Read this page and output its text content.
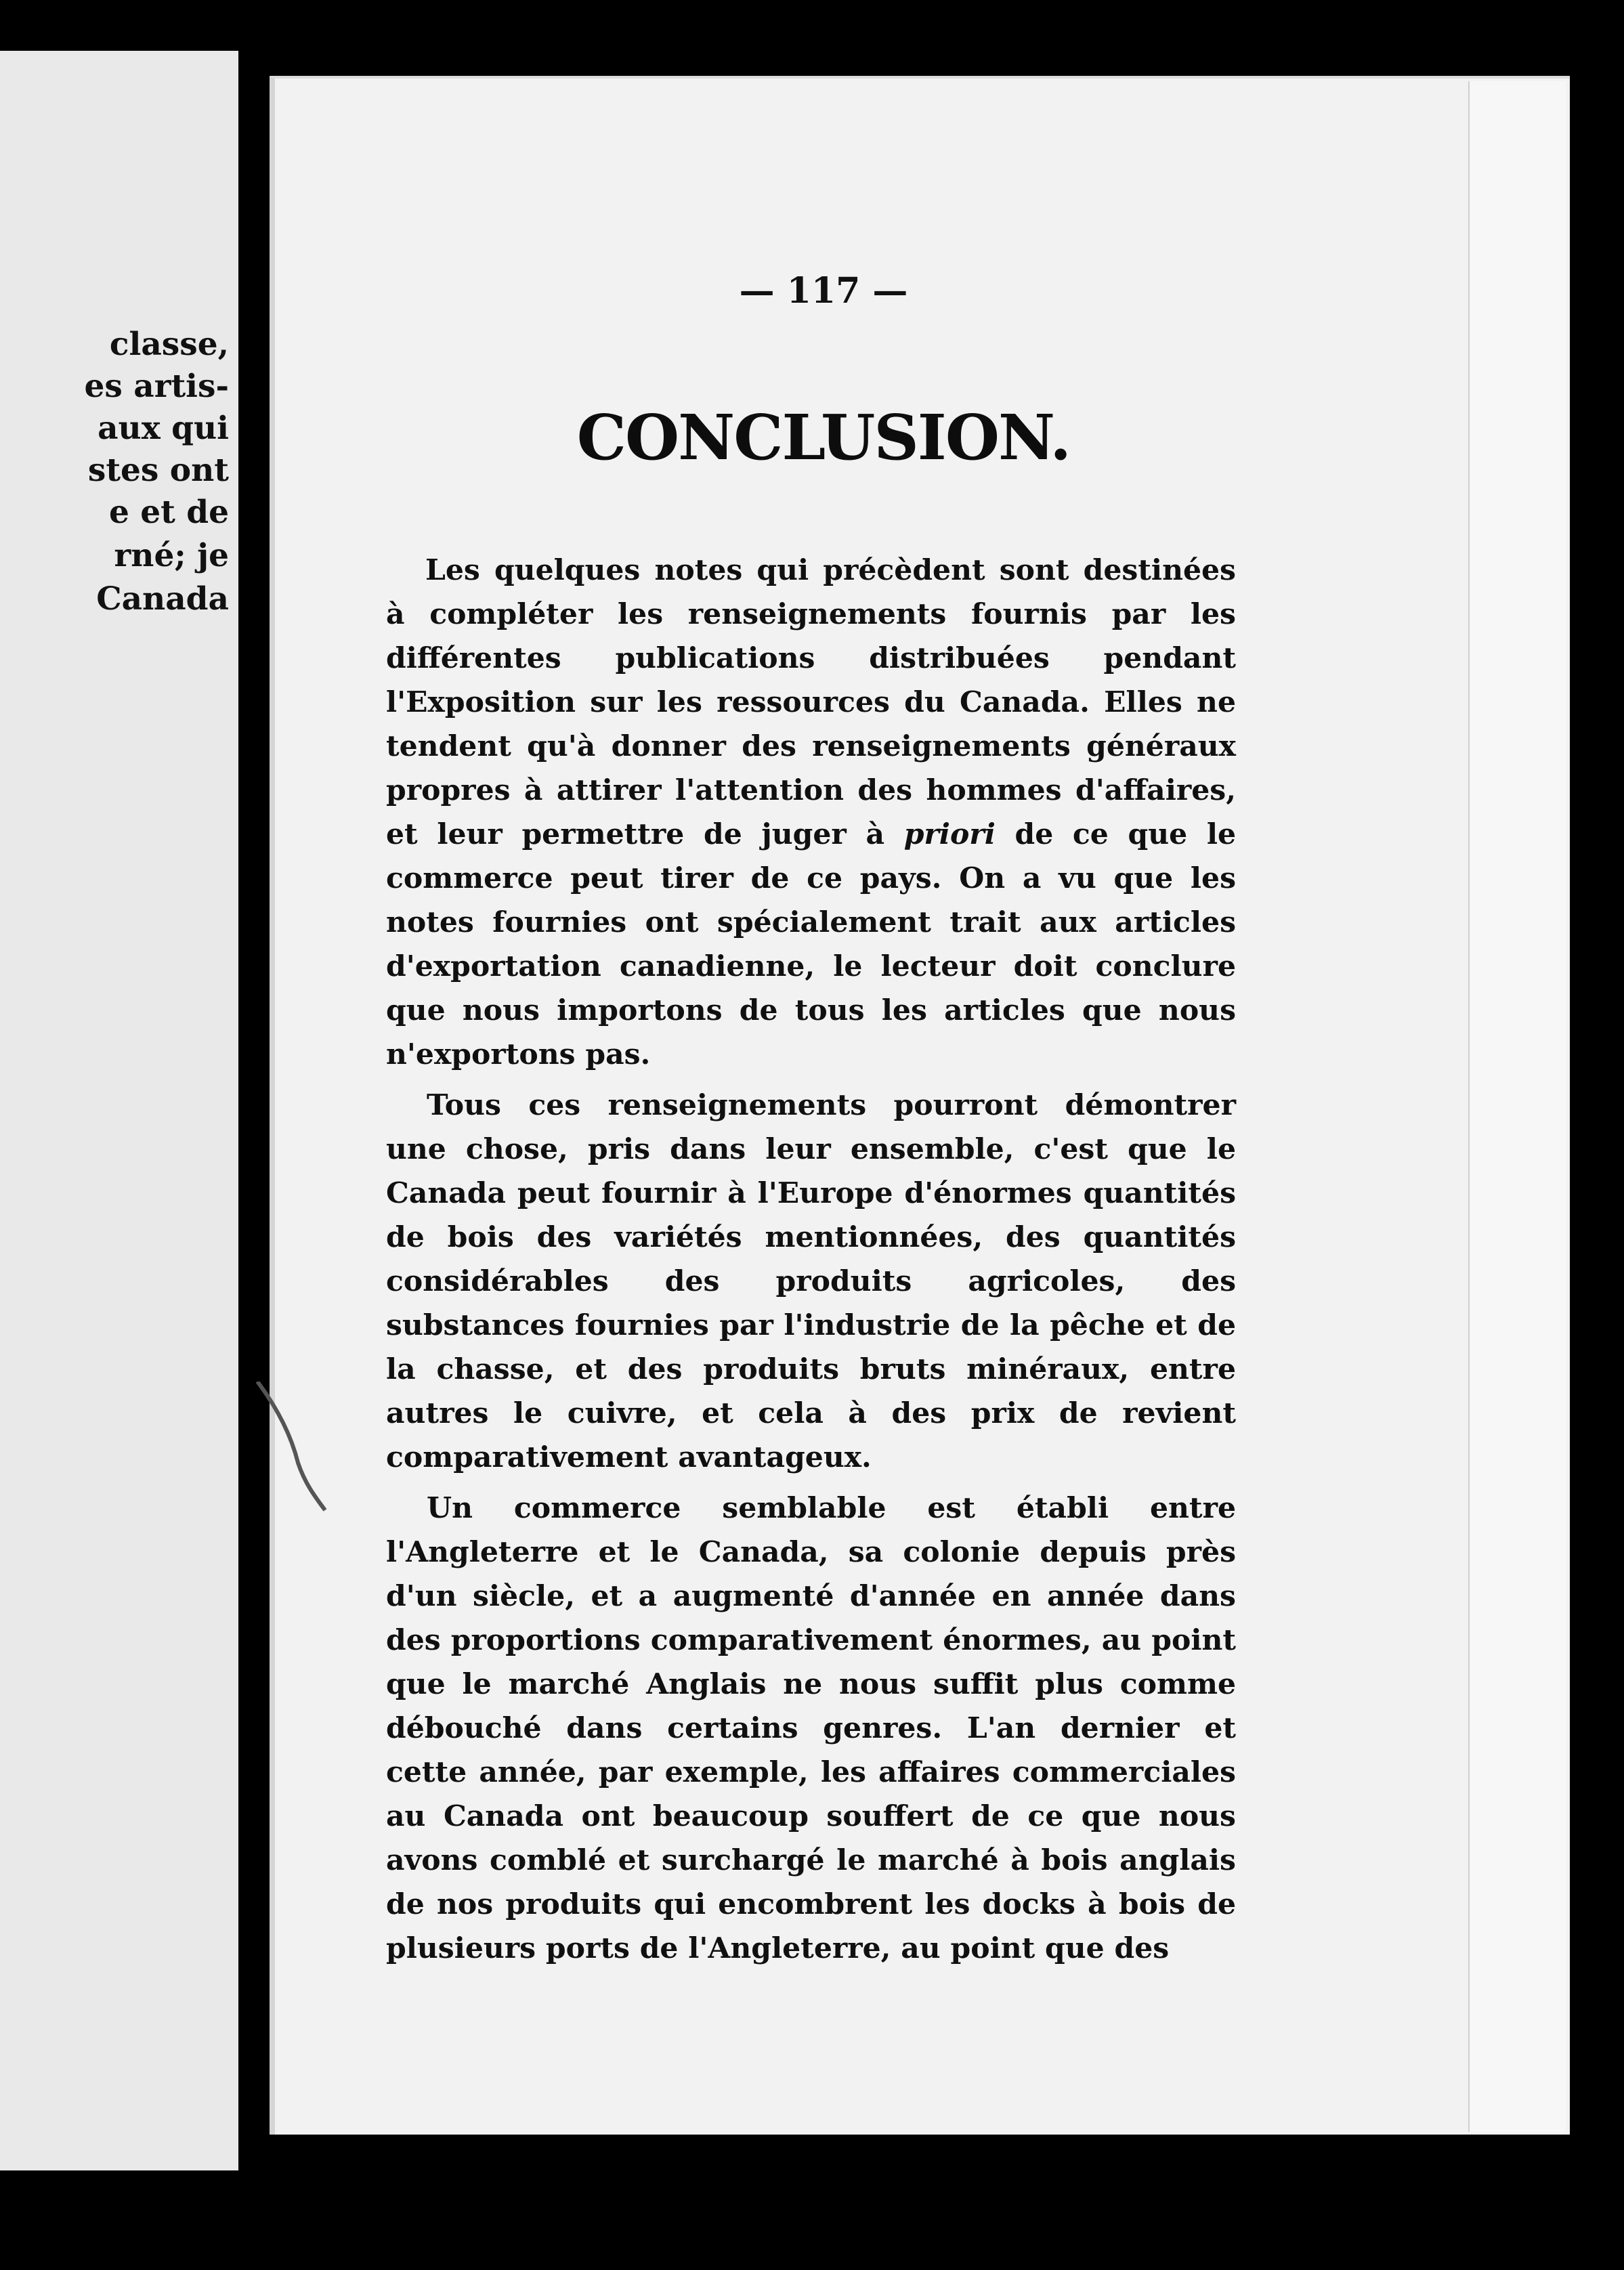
classe,
es artis-
aux qui
stes ont
e et de
rné; je
Canada
— 117 —
CONCLUSION.

Les quelques notes qui précèdent sont destinées à compléter les renseignements fournis par les différentes publications distribuées pendant l'Exposition sur les ressources du Canada. Elles ne tendent qu'à donner des renseignements généraux propres à attirer l'attention des hommes d'affaires, et leur permettre de juger à priori de ce que le commerce peut tirer de ce pays. On a vu que les notes fournies ont spécialement trait aux articles d'exportation canadienne, le lecteur doit conclure que nous importons de tous les articles que nous n'exportons pas.

Tous ces renseignements pourront démontrer une chose, pris dans leur ensemble, c'est que le Canada peut fournir à l'Europe d'énormes quantités de bois des variétés mentionnées, des quantités considérables des produits agricoles, des substances fournies par l'industrie de la pêche et de la chasse, et des produits bruts minéraux, entre autres le cuivre, et cela à des prix de revient comparativement avantageux.

Un commerce semblable est établi entre l'Angleterre et le Canada, sa colonie depuis près d'un siècle, et a augmenté d'année en année dans des proportions comparativement énormes, au point que le marché Anglais ne nous suffit plus comme débouché dans certains genres. L'an dernier et cette année, par exemple, les affaires commerciales au Canada ont beaucoup souffert de ce que nous avons comblé et surchargé le marché à bois anglais de nos produits qui encombrent les docks à bois de plusieurs ports de l'Angleterre, au point que des
